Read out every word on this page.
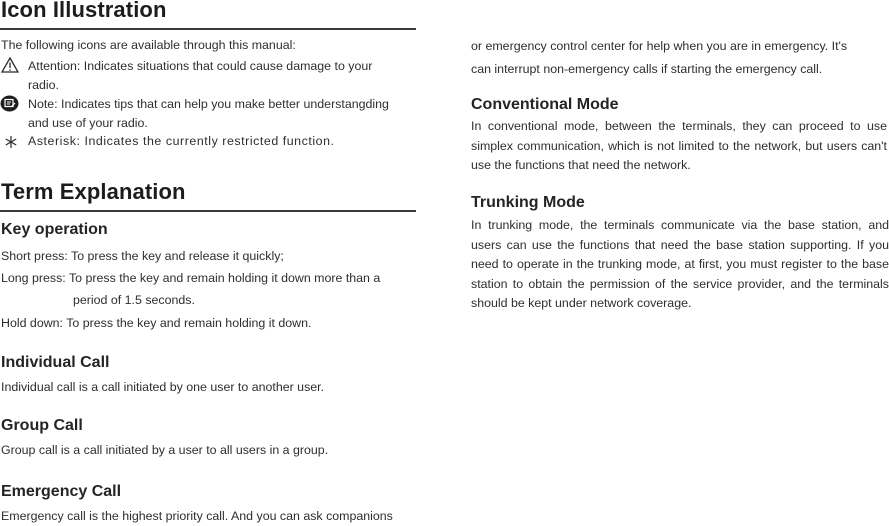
Icon Illustration
The following icons are available through this manual:
Attention: Indicates situations that could cause damage to your
radio.
Note: Indicates tips that can help you make better understangding
and use of your radio.
Asterisk: Indicates the currently restricted function.
Term Explanation
Key operation
Short press: To press the key and release it quickly;
Long press: To press the key and remain holding it down more than a
period of 1.5 seconds.
Hold down: To press the key and remain holding it down.
Individual Call
Individual call is a call initiated by one user to another user.
Group Call
Group call is a call initiated by a user to all users in a group.
Emergency Call
Emergency call is the highest priority call. And you can ask companions
or emergency control center for help when you are in emergency. It's
can interrupt non-emergency calls if starting the emergency call.
Conventional Mode
In conventional mode, between the terminals, they can proceed to use simplex communication, which is not limited to the network, but users can't use the functions that need the network.
Trunking Mode
In trunking mode, the terminals communicate via the base station, and users can use the functions that need the base station supporting. If you need to operate in the trunking mode, at first, you must register to the base station to obtain the permission of the service provider, and the terminals should be kept under network coverage.
